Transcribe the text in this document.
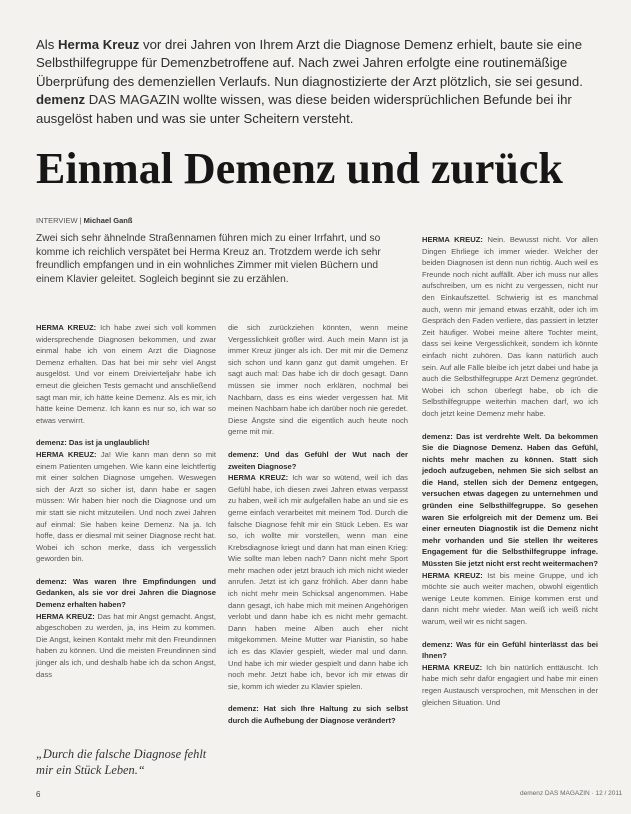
Als Herma Kreuz vor drei Jahren von Ihrem Arzt die Diagnose Demenz erhielt, baute sie eine Selbsthilfegruppe für Demenzbetroffene auf. Nach zwei Jahren erfolgte eine routinemäßige Überprüfung des demenziellen Verlaufs. Nun diagnostizierte der Arzt plötzlich, sie sei gesund. demenz DAS MAGAZIN wollte wissen, was diese beiden widersprüchlichen Befunde bei ihr ausgelöst haben und was sie unter Scheitern versteht.

Einmal Demenz und zurück

INTERVIEW | Michael Ganß

Zwei sich sehr ähnelnde Straßennamen führen mich zu einer Irrfahrt, und so komme ich reichlich verspätet bei Herma Kreuz an. Trotzdem werde ich sehr freundlich empfangen und in ein wohnliches Zimmer mit vielen Büchern und einem Klavier geleitet. Sogleich beginnt sie zu erzählen.

HERMA KREUZ: Ich habe zwei sich voll kommen widersprechende Diagnosen bekommen, und zwar einmal habe ich von einem Arzt die Diagnose Demenz erhalten. Das hat bei mir sehr viel Angst ausgelöst. Und vor einem Dreivierteljahr habe ich erneut die gleichen Tests gemacht und anschließend sagt man mir, ich hätte keine Demenz. Als es mir, ich hätte keine Demenz. Ich kann es nur so, ich war so etwas verwirrt.

demenz: Das ist ja unglaublich!

HERMA KREUZ: Ja! Wie kann man denn so mit einem Patienten umgehen. Wie kann eine leichtfertig mit einer solchen Diagnose umgehen. Weswegen sich der Arzt so sicher ist, dann habe er sagen müssen: Wir haben hier noch die Diagnose und um mir statt sie nicht mitzuteilen. Und noch zwei Jahren auf einmal: Sie haben keine Demenz. Na ja. Ich hoffe, dass er diesmal mit seiner Diagnose recht hat. Wobei ich schon merke, dass ich vergesslich geworden bin.

demenz: Was waren Ihre Empfindungen und Gedanken, als sie vor drei Jahren die Diagnose Demenz erhalten haben?

HERMA KREUZ: Das hat mir Angst gemacht. Angst, abgeschoben zu werden, ja, ins Heim zu kommen. Die Angst, keinen Kontakt mehr mit den Freundinnen haben zu können. Und die meisten Freundinnen sind jünger als ich, und deshalb habe ich da schon Angst, dass

die sich zurückziehen könnten, wenn meine Vergesslichkeit größer wird. Auch mein Mann ist ja immer Kreuz jünger als ich. Der mit mir die Demenz sich schon und kann ganz gut damit umgehen. Er sagt auch mal: Das habe ich dir doch gesagt. Dann müssen sie immer noch erklären, nochmal bei Nachbarn, dass es eins wieder vergessen hat. Mit meinen Nachbarn habe ich darüber noch nie geredet. Diese Ängste sind die eigentlich auch heute noch gerne mit mir.

demenz: Und das Gefühl der Wut nach der zweiten Diagnose?

HERMA KREUZ: Ich war so wütend, weil ich das Gefühl habe, ich diesen zwei Jahren etwas verpasst zu haben, weil ich mir aufgefallen habe an und sie es gerne einfach verarbeitet mit meinem Tod. Durch die falsche Diagnose fehlt mir ein Stück Leben. Es war so, ich wollte mir vorstellen, wenn man eine Krebsdiagnose kriegt und dann hat man einen Krieg: Wie sollte man leben nach? Dann nicht mehr Sport mehr machen oder jetzt brauch ich mich nicht wieder anrufen. Jetzt ist ich ganz fröhlich. Aber dann habe ich nicht mehr mein Schicksal angenommen. Habe dann gesagt, ich habe mich mit meinen Angehörigen verlobt und dann habe ich es nicht mehr gemacht. Dann haben meine Alben auch eher nicht mitgekommen. Meine Mutter war Pianistin, so habe ich es das Klavier gespielt, wieder mal und dann. Und habe ich mir wieder gespielt und dann habe ich noch mehr. Jetzt habe ich, bevor ich mir etwas dir sie, komm ich wieder zu Klavier spielen.

demenz: Hat sich Ihre Haltung zu sich selbst durch die Aufhebung der Diagnose verändert?

HERMA KREUZ: Nein. Bewusst nicht. Vor allen Dingen Ehrliege ich immer wieder. Welcher der beiden Diagnosen ist denn nun richtig. Auch weil es Freunde noch nicht auffällt. Aber ich muss nur alles aufschreiben, um es nicht zu vergessen, nicht nur den Einkaufszettel. Schwierig ist es manchmal auch, wenn mir jemand etwas erzählt, oder ich im Gespräch den Faden verliere, das passiert in letzter Zeit häufiger. Wobei meine ältere Tochter meint, dass sei keine Vergesslichkeit, sondern ich könnte einfach nicht zuhören. Das kann natürlich auch sein. Auf alle Fälle bleibe ich jetzt dabei und habe ja auch die Selbsthilfegruppe Arzt Demenz gegründet. Wobei ich schon überlegt habe, ob ich die Selbsthilfegruppe weiterhin machen darf, wo ich doch jetzt keine Demenz mehr habe.

demenz: Das ist verdrehte Welt. Da bekommen Sie die Diagnose Demenz. Haben das Gefühl, nichts mehr machen zu können. Statt sich jedoch aufzugeben, nehmen Sie sich selbst an die Hand, stellen sich der Demenz entgegen, versuchen etwas dagegen zu unternehmen und gründen eine Selbsthilfegruppe. So gesehen waren Sie erfolgreich mit der Demenz um. Bei einer erneuten Diagnostik ist die Demenz nicht mehr vorhanden und Sie stellen Ihr weiteres Engagement für die Selbsthilfegruppe infrage. Müssten Sie jetzt nicht erst recht weitermachen?

HERMA KREUZ: Ist bis meine Gruppe, und ich möchte sie auch weiter machen, obwohl eigentlich wenige Leute kommen. Einige kommen erst und dann nicht mehr wieder. Man weiß ich weiß nicht warum, weil wir es nicht sagen.

demenz: Was für ein Gefühl hinterlässt das bei Ihnen?

HERMA KREUZ: Ich bin natürlich enttäuscht. Ich habe mich sehr dafür engagiert und habe mir einen regen Austausch versprochen, mit Menschen in der gleichen Situation. Und

„Durch die falsche Diagnose fehlt mir ein Stück Leben.“

6	demenz DAS MAGAZIN · 12 / 2011
